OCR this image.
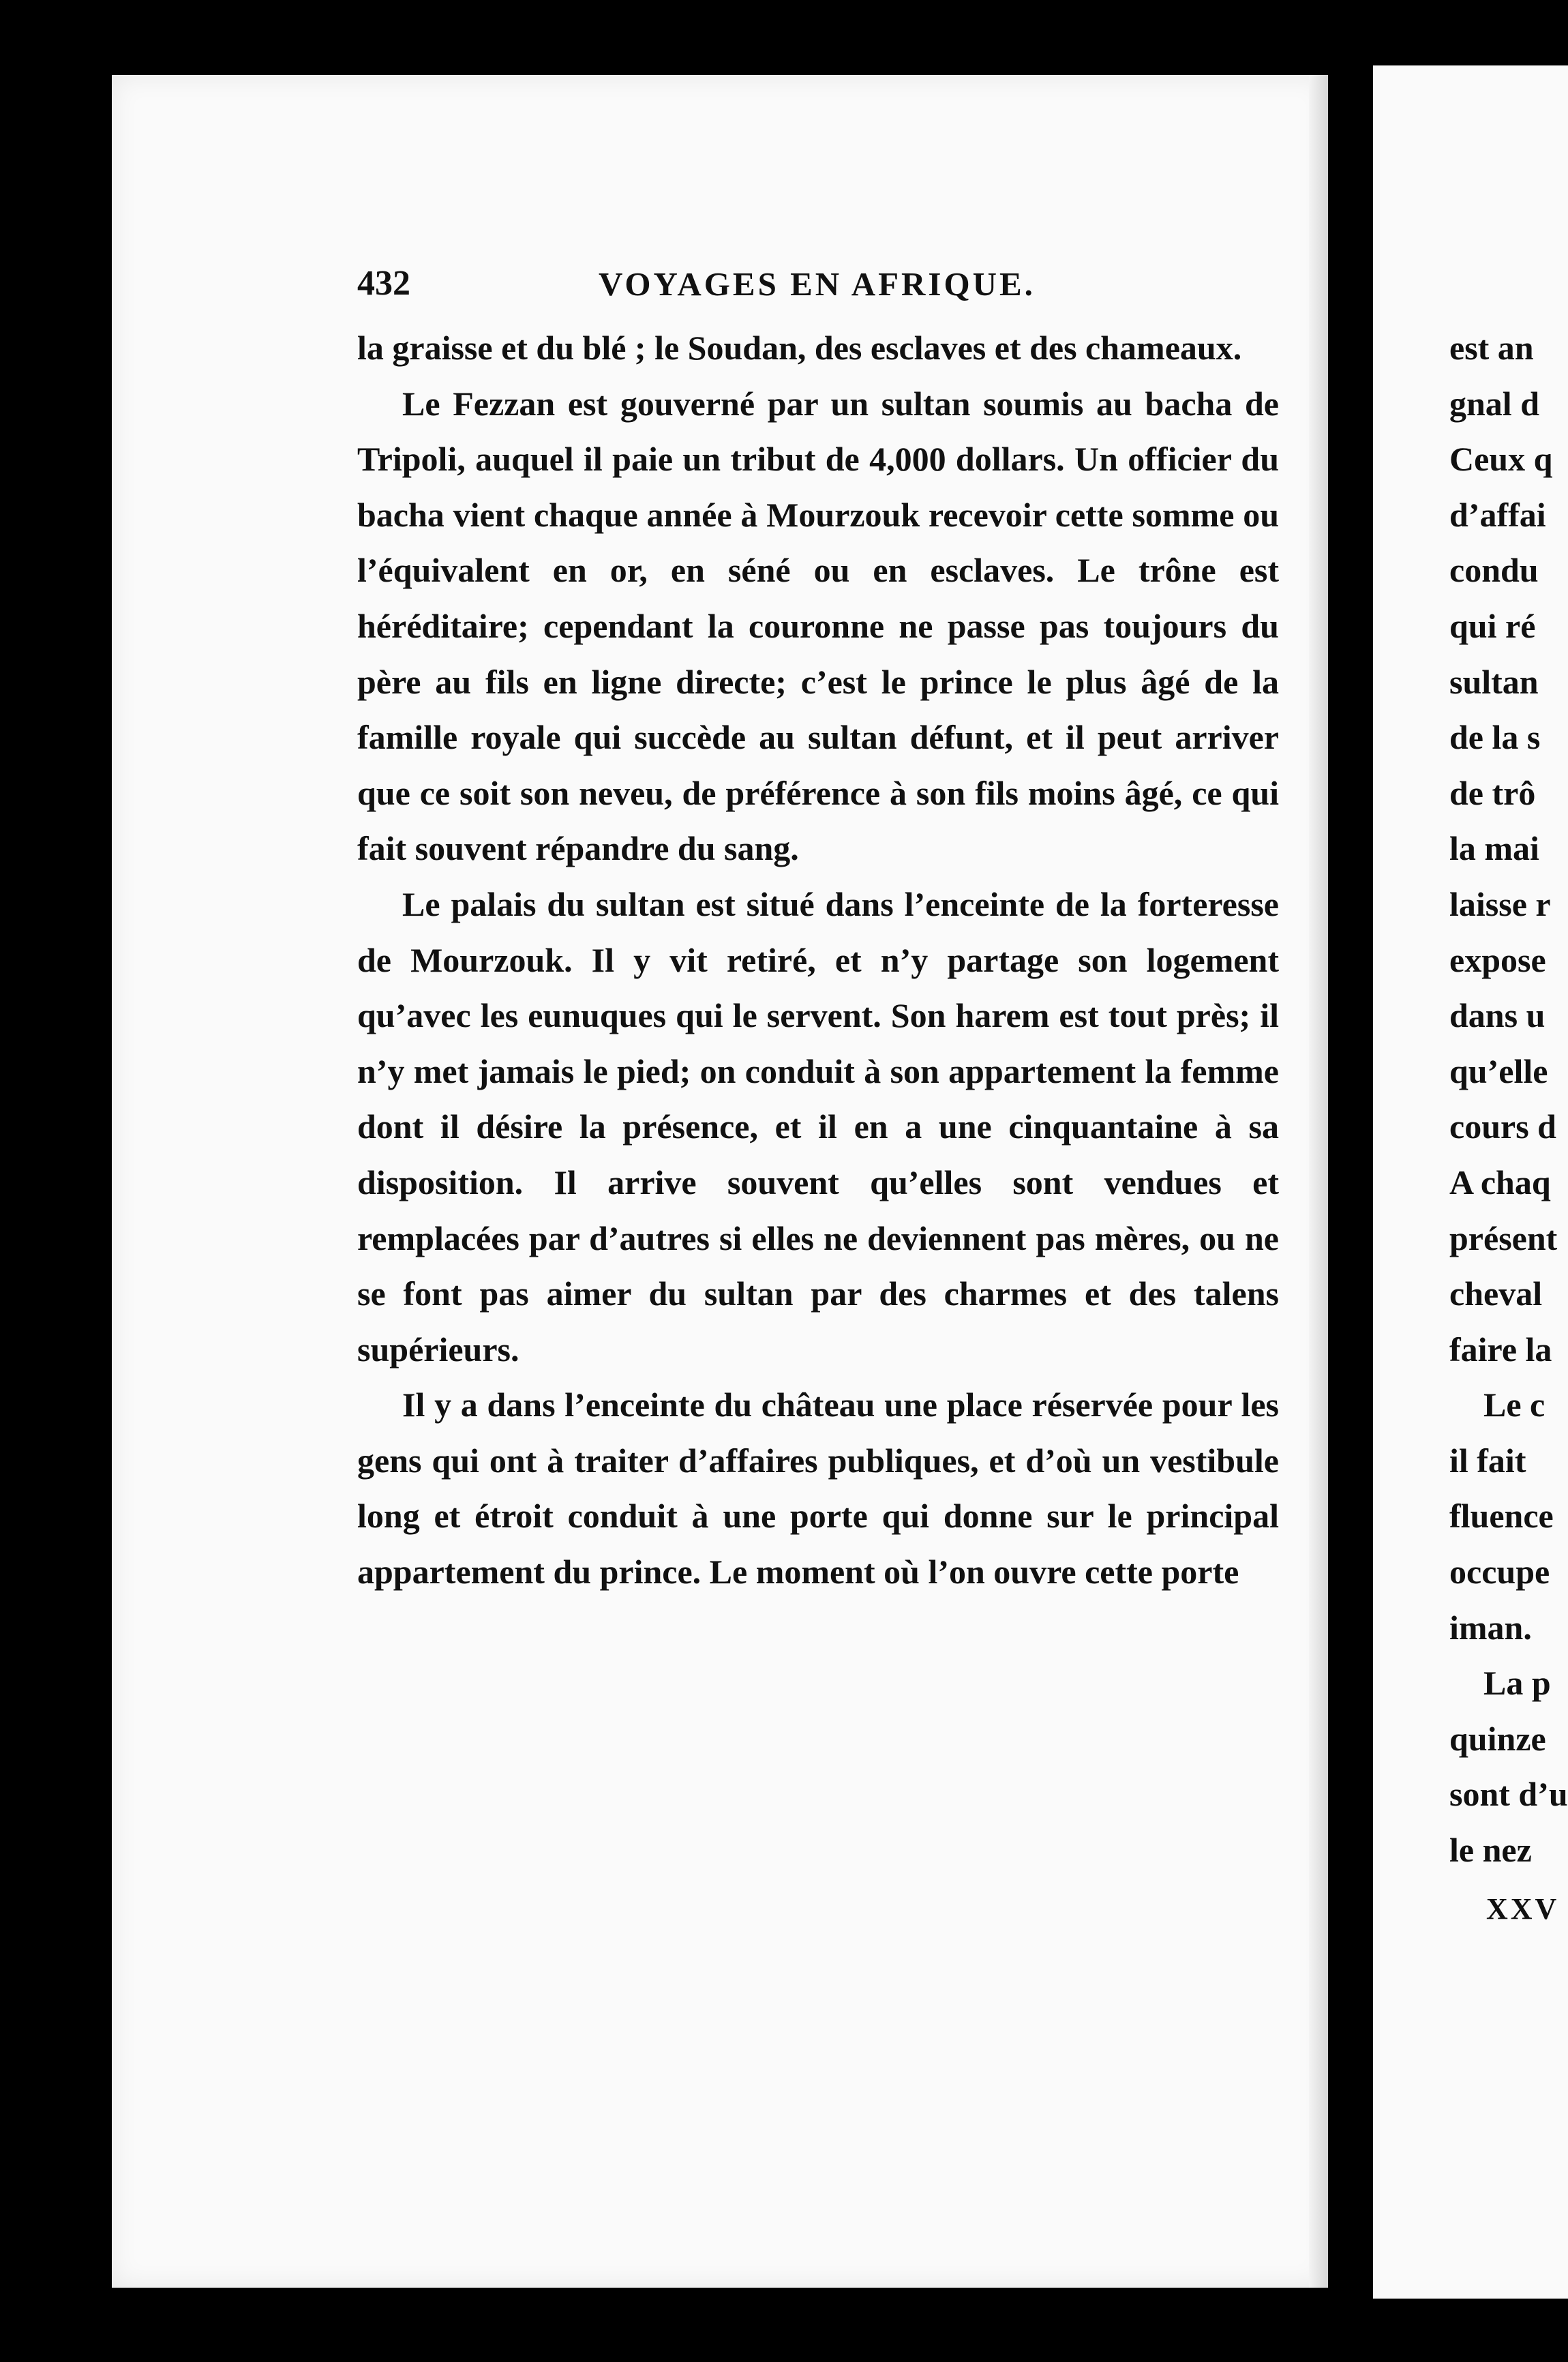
432	VOYAGES EN AFRIQUE.

la graisse et du blé ; le Soudan, des esclaves et des chameaux.

Le Fezzan est gouverné par un sultan soumis au bacha de Tripoli, auquel il paie un tribut de 4,000 dollars. Un officier du bacha vient chaque année à Mourzouk recevoir cette somme ou l’équivalent en or, en séné ou en esclaves. Le trône est héréditaire; cependant la couronne ne passe pas toujours du père au fils en ligne directe; c’est le prince le plus âgé de la famille royale qui succède au sultan défunt, et il peut arriver que ce soit son neveu, de préférence à son fils moins âgé, ce qui fait souvent répandre du sang.

Le palais du sultan est situé dans l’enceinte de la forteresse de Mourzouk. Il y vit retiré, et n’y partage son logement qu’avec les eunuques qui le servent. Son harem est tout près; il n’y met jamais le pied; on conduit à son appartement la femme dont il désire la présence, et il en a une cinquantaine à sa disposition. Il arrive souvent qu’elles sont vendues et remplacées par d’autres si elles ne deviennent pas mères, ou ne se font pas aimer du sultan par des charmes et des talens supérieurs.

Il y a dans l’enceinte du château une place réservée pour les gens qui ont à traiter d’affaires publiques, et d’où un vestibule long et étroit conduit à une porte qui donne sur le principal appartement du prince. Le moment où l’on ouvre cette porte

est an
gnal d
Ceux q
d’affai
condu
qui ré
sultan
de la s
de trô
la mai
laisse r
expose
dans u
qu’elle
cours d
A chaq
présent
cheval
faire la
Le c
il fait
fluence
occupe
iman.
La p
quinze
sont d’u
le nez
XXV
